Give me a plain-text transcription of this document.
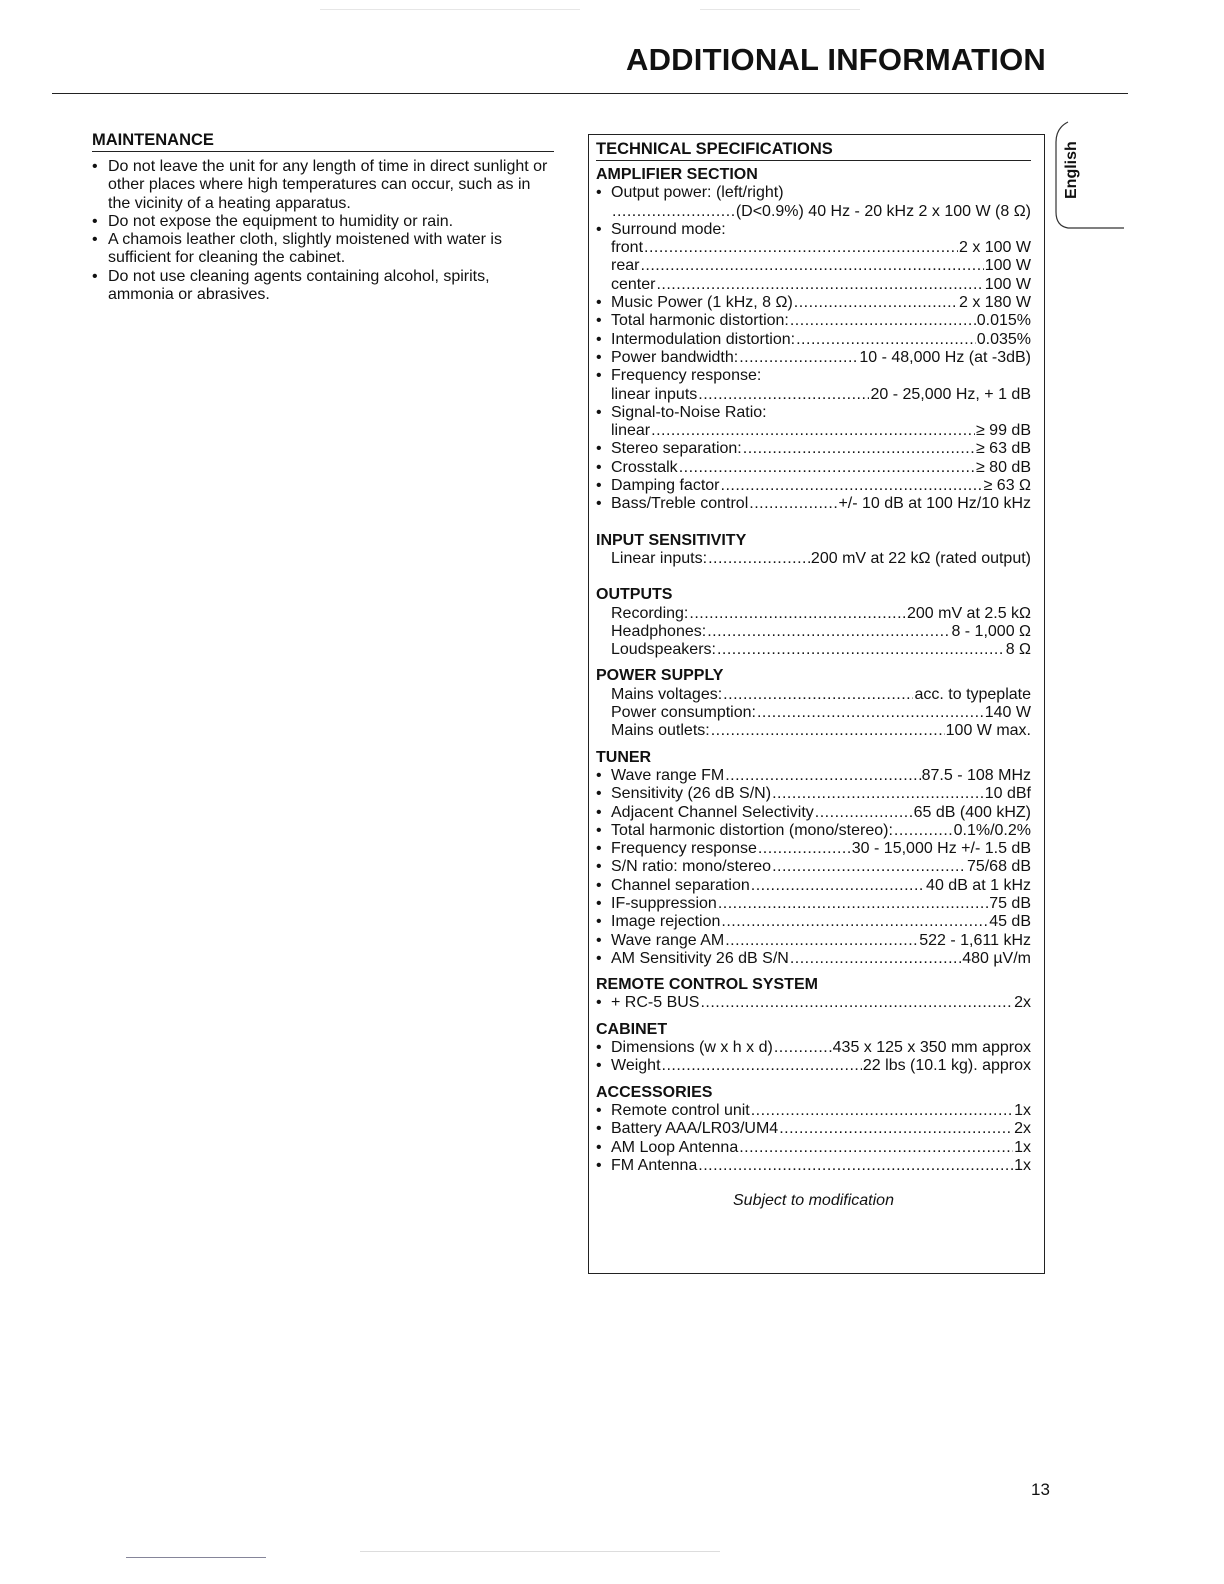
ADDITIONAL INFORMATION
MAINTENANCE
• Do not leave the unit for any length of time in direct sunlight or other places where high temperatures can occur, such as in the vicinity of a heating apparatus.
• Do not expose the equipment to humidity or rain.
• A chamois leather cloth, slightly moistened with water is sufficient for cleaning the cabinet.
• Do not use cleaning agents containing alcohol, spirits, ammonia or abrasives.
TECHNICAL SPECIFICATIONS
AMPLIFIER SECTION
• Output power: (left/right)
.....
(D<0.9%) 40 Hz - 20 kHz 2 x 100 W (8 Ω)
• Surround mode:
front .....	2 x 100 W
rear .....	100 W
center .....	100 W
• Music Power (1 kHz, 8 Ω) .....	2 x 180 W
• Total harmonic distortion: .....	0.015%
• Intermodulation distortion: .....	0.035%
• Power bandwidth: .....	10 - 48,000 Hz (at -3dB)
• Frequency response:
linear inputs .....	20 - 25,000 Hz, + 1 dB
• Signal-to-Noise Ratio:
linear .....	≥ 99 dB
• Stereo separation: .....	≥ 63 dB
• Crosstalk .....	≥ 80 dB
• Damping factor .....	≥ 63 Ω
• Bass/Treble control .....	+/- 10 dB at 100 Hz/10 kHz
INPUT SENSITIVITY
Linear inputs: .....	200 mV at 22 kΩ (rated output)
OUTPUTS
Recording: .....	200 mV at 2.5 kΩ
Headphones: .....	8 - 1,000 Ω
Loudspeakers: .....	8 Ω
POWER SUPPLY
Mains voltages: .....	acc. to typeplate
Power consumption: .....	140 W
Mains outlets: .....	100 W max.
TUNER
• Wave range FM .....	87.5 - 108 MHz
• Sensitivity (26 dB S/N) .....	10 dBf
• Adjacent Channel Selectivity .....	65 dB (400 kHZ)
• Total harmonic distortion (mono/stereo): .....	0.1%/0.2%
• Frequency response .....	30 - 15,000 Hz +/- 1.5 dB
• S/N ratio: mono/stereo .....	75/68 dB
• Channel separation .....	40 dB at 1 kHz
• IF-suppression .....	75 dB
• Image rejection .....	45 dB
• Wave range AM .....	522 - 1,611 kHz
• AM Sensitivity 26 dB S/N .....	480 µV/m
REMOTE CONTROL SYSTEM
• + RC-5 BUS .....	2x
CABINET
• Dimensions (w x h x d) .....	435 x 125 x 350 mm approx
• Weight .....	22 lbs (10.1 kg). approx
ACCESSORIES
• Remote control unit .....	1x
• Battery AAA/LR03/UM4 .....	2x
• AM Loop Antenna .....	1x
• FM Antenna .....	1x
Subject to modification
English
13
